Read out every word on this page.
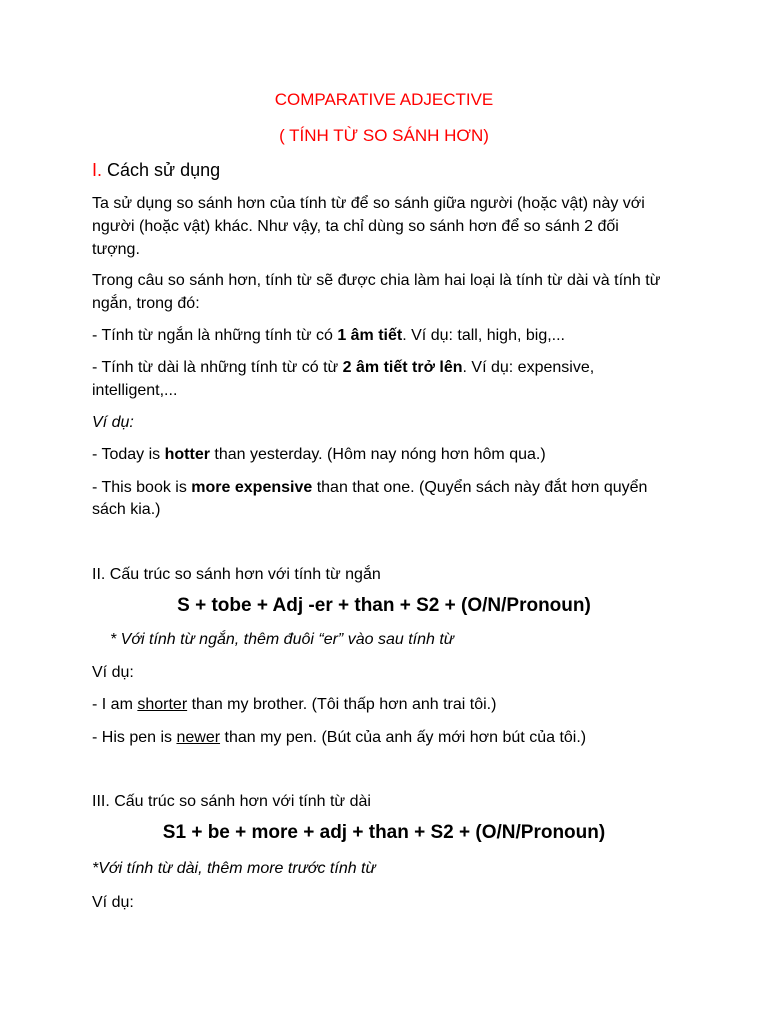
COMPARATIVE ADJECTIVE
( TÍNH TỪ SO SÁNH HƠN)
I. Cách sử dụng
Ta sử dụng so sánh hơn của tính từ để so sánh giữa người (hoặc vật) này với
người (hoặc vật) khác. Như vậy, ta chỉ dùng so sánh hơn để so sánh 2 đối
tượng.
Trong câu so sánh hơn, tính từ sẽ được chia làm hai loại là tính từ dài và tính từ
ngắn, trong đó:
- Tính từ ngắn là những tính từ có 1 âm tiết. Ví dụ: tall, high, big,...
- Tính từ dài là những tính từ có từ 2 âm tiết trở lên. Ví dụ: expensive,
intelligent,...
Ví dụ:
- Today is hotter than yesterday. (Hôm nay nóng hơn hôm qua.)
- This book is more expensive than that one. (Quyển sách này đắt hơn quyển
sách kia.)
II. Cấu trúc so sánh hơn với tính từ ngắn
S + tobe + Adj -er + than + S2 + (O/N/Pronoun)
* Với tính từ ngắn, thêm đuôi “er” vào sau tính từ
Ví dụ:
- I am shorter than my brother. (Tôi thấp hơn anh trai tôi.)
- His pen is newer than my pen. (Bút của anh ấy mới hơn bút của tôi.)
III. Cấu trúc so sánh hơn với tính từ dài
S1 + be + more + adj + than + S2 + (O/N/Pronoun)
*Với tính từ dài, thêm more trước tính từ
Ví dụ:
